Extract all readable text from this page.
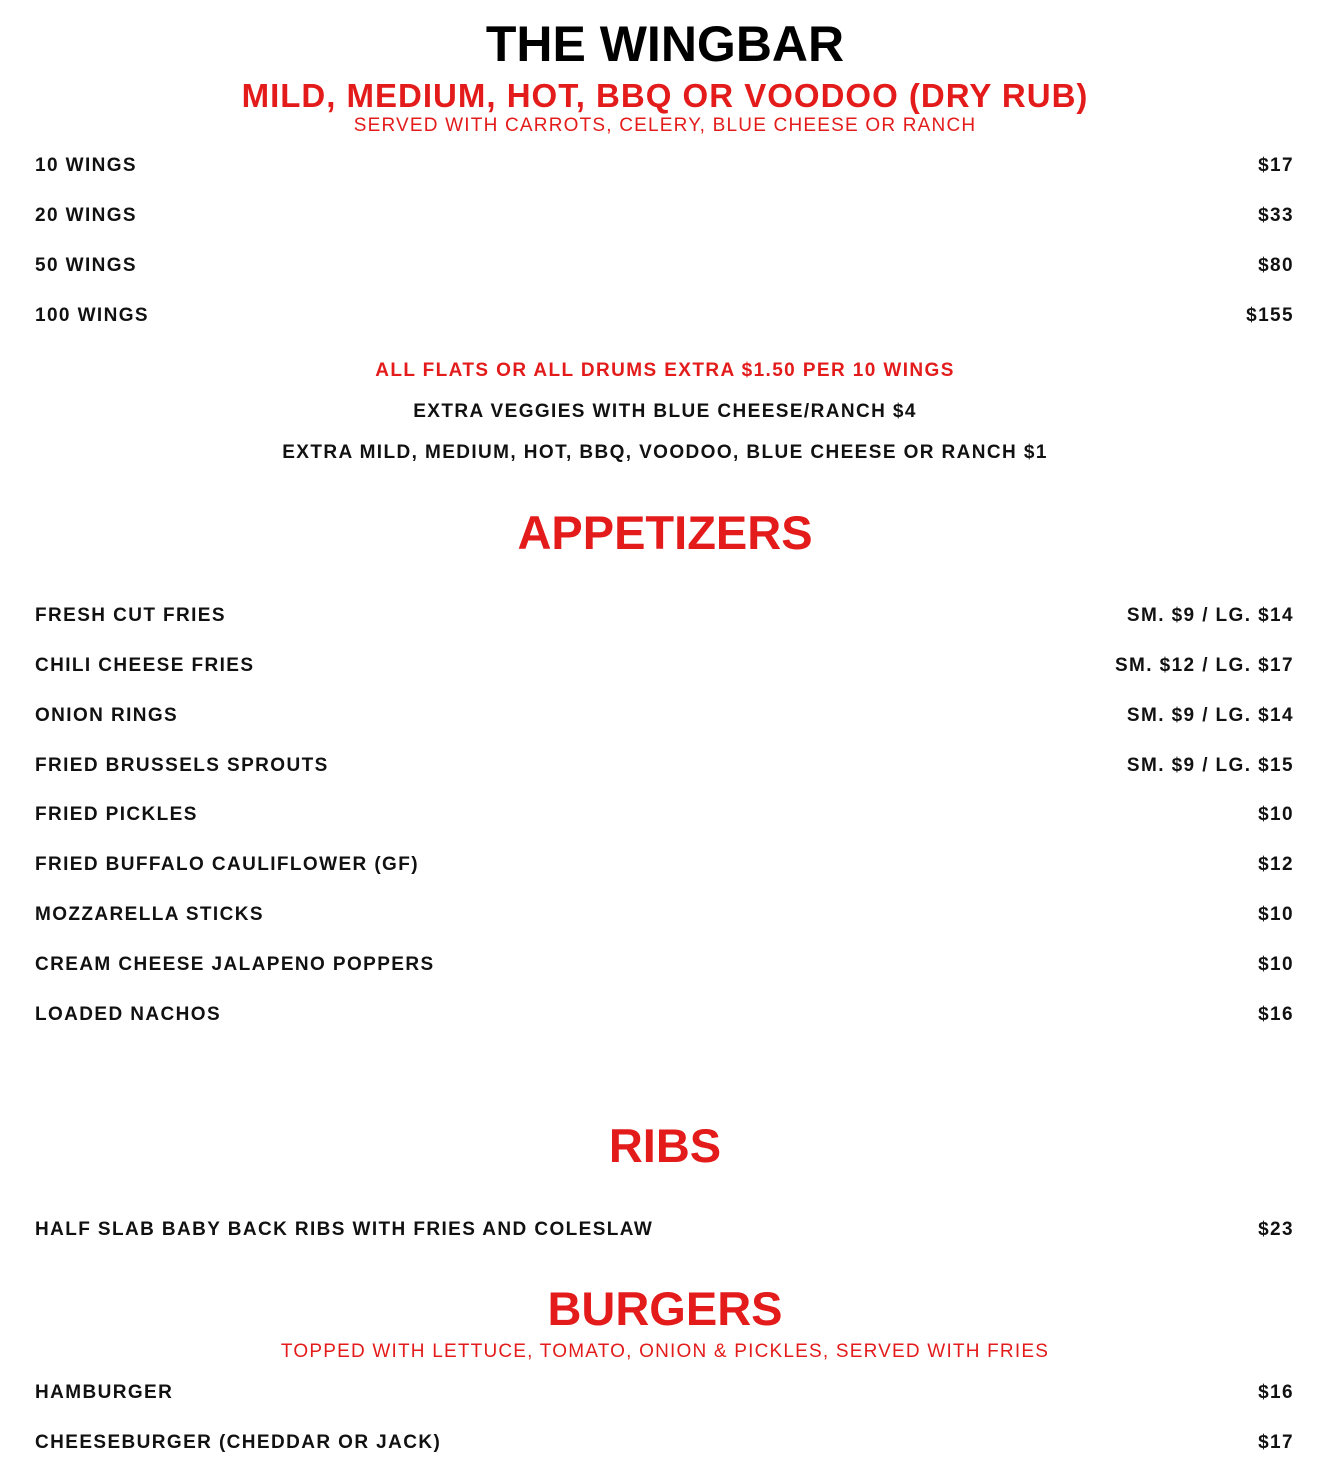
THE WINGBAR
MILD, MEDIUM, HOT, BBQ OR VOODOO (DRY RUB)
SERVED WITH CARROTS, CELERY, BLUE CHEESE OR RANCH
10 WINGS	$17
20 WINGS	$33
50 WINGS	$80
100 WINGS	$155
ALL FLATS OR ALL DRUMS EXTRA $1.50 PER 10 WINGS
EXTRA VEGGIES WITH BLUE CHEESE/RANCH $4
EXTRA MILD, MEDIUM, HOT, BBQ, VOODOO, BLUE CHEESE OR RANCH $1
APPETIZERS
FRESH CUT FRIES	SM. $9 / LG. $14
CHILI CHEESE FRIES	SM. $12 / LG. $17
ONION RINGS	SM. $9 / LG. $14
FRIED BRUSSELS SPROUTS	SM. $9 / LG. $15
FRIED PICKLES	$10
FRIED BUFFALO CAULIFLOWER (GF)	$12
MOZZARELLA STICKS	$10
CREAM CHEESE JALAPENO POPPERS	$10
LOADED NACHOS	$16
RIBS
HALF SLAB BABY BACK RIBS WITH FRIES AND COLESLAW	$23
BURGERS
TOPPED WITH LETTUCE, TOMATO, ONION & PICKLES, SERVED WITH FRIES
HAMBURGER	$16
CHEESEBURGER (CHEDDAR OR JACK)	$17
